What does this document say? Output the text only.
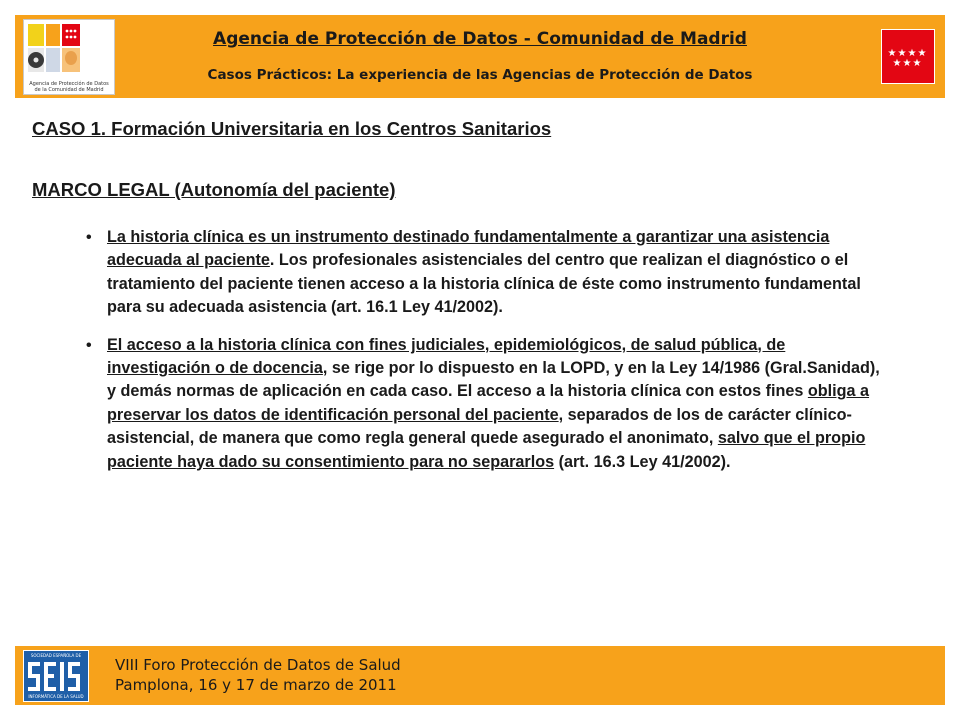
Agencia de Protección de Datos de la Comunidad de Madrid
Agencia de Protección de Datos - Comunidad de Madrid
Casos Prácticos: La experiencia de las Agencias de Protección de Datos
★ ★ ★ ★
★ ★ ★
CASO 1. Formación Universitaria en los Centros Sanitarios
MARCO LEGAL (Autonomía del paciente)
• La historia clínica es un instrumento destinado fundamentalmente a garantizar una asistencia adecuada al paciente. Los profesionales asistenciales del centro que realizan el diagnóstico o el tratamiento del paciente tienen acceso a la historia clínica de éste como instrumento fundamental para su adecuada asistencia (art. 16.1 Ley 41/2002).
• El acceso a la historia clínica con fines judiciales, epidemiológicos, de salud pública, de investigación o de docencia, se rige por lo dispuesto en la LOPD, y en la Ley 14/1986 (Gral.Sanidad), y demás normas de aplicación en cada caso. El acceso a la historia clínica con estos fines obliga a preservar los datos de identificación personal del paciente, separados de los de carácter clínico-asistencial, de manera que como regla general quede asegurado el anonimato, salvo que el propio paciente haya dado su consentimiento para no separarlos (art. 16.3 Ley 41/2002).
SOCIEDAD ESPAÑOLA DE
INFORMÁTICA DE LA SALUD
VIII Foro Protección de Datos de Salud
Pamplona, 16 y 17 de marzo de 2011
